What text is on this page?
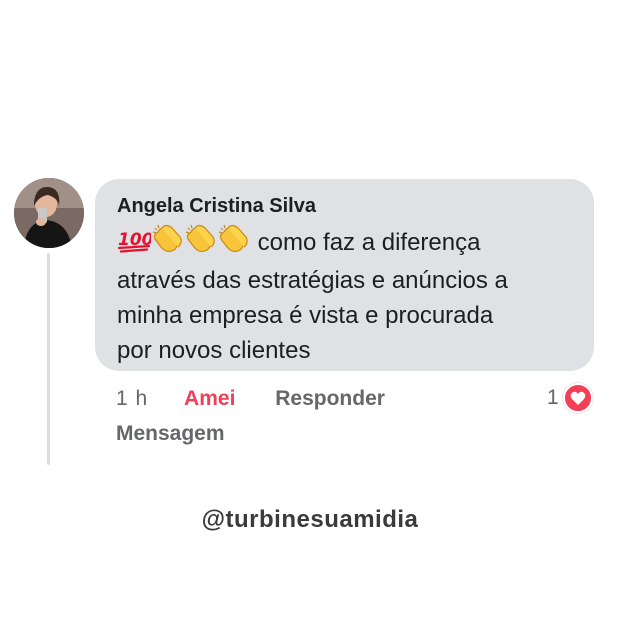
Angela Cristina Silva
100	como faz a diferença
através das estratégias e anúncios a
minha empresa é vista e procurada
por novos clientes
1 h Amei Responder
Mensagem
1
@turbinesuamidia
